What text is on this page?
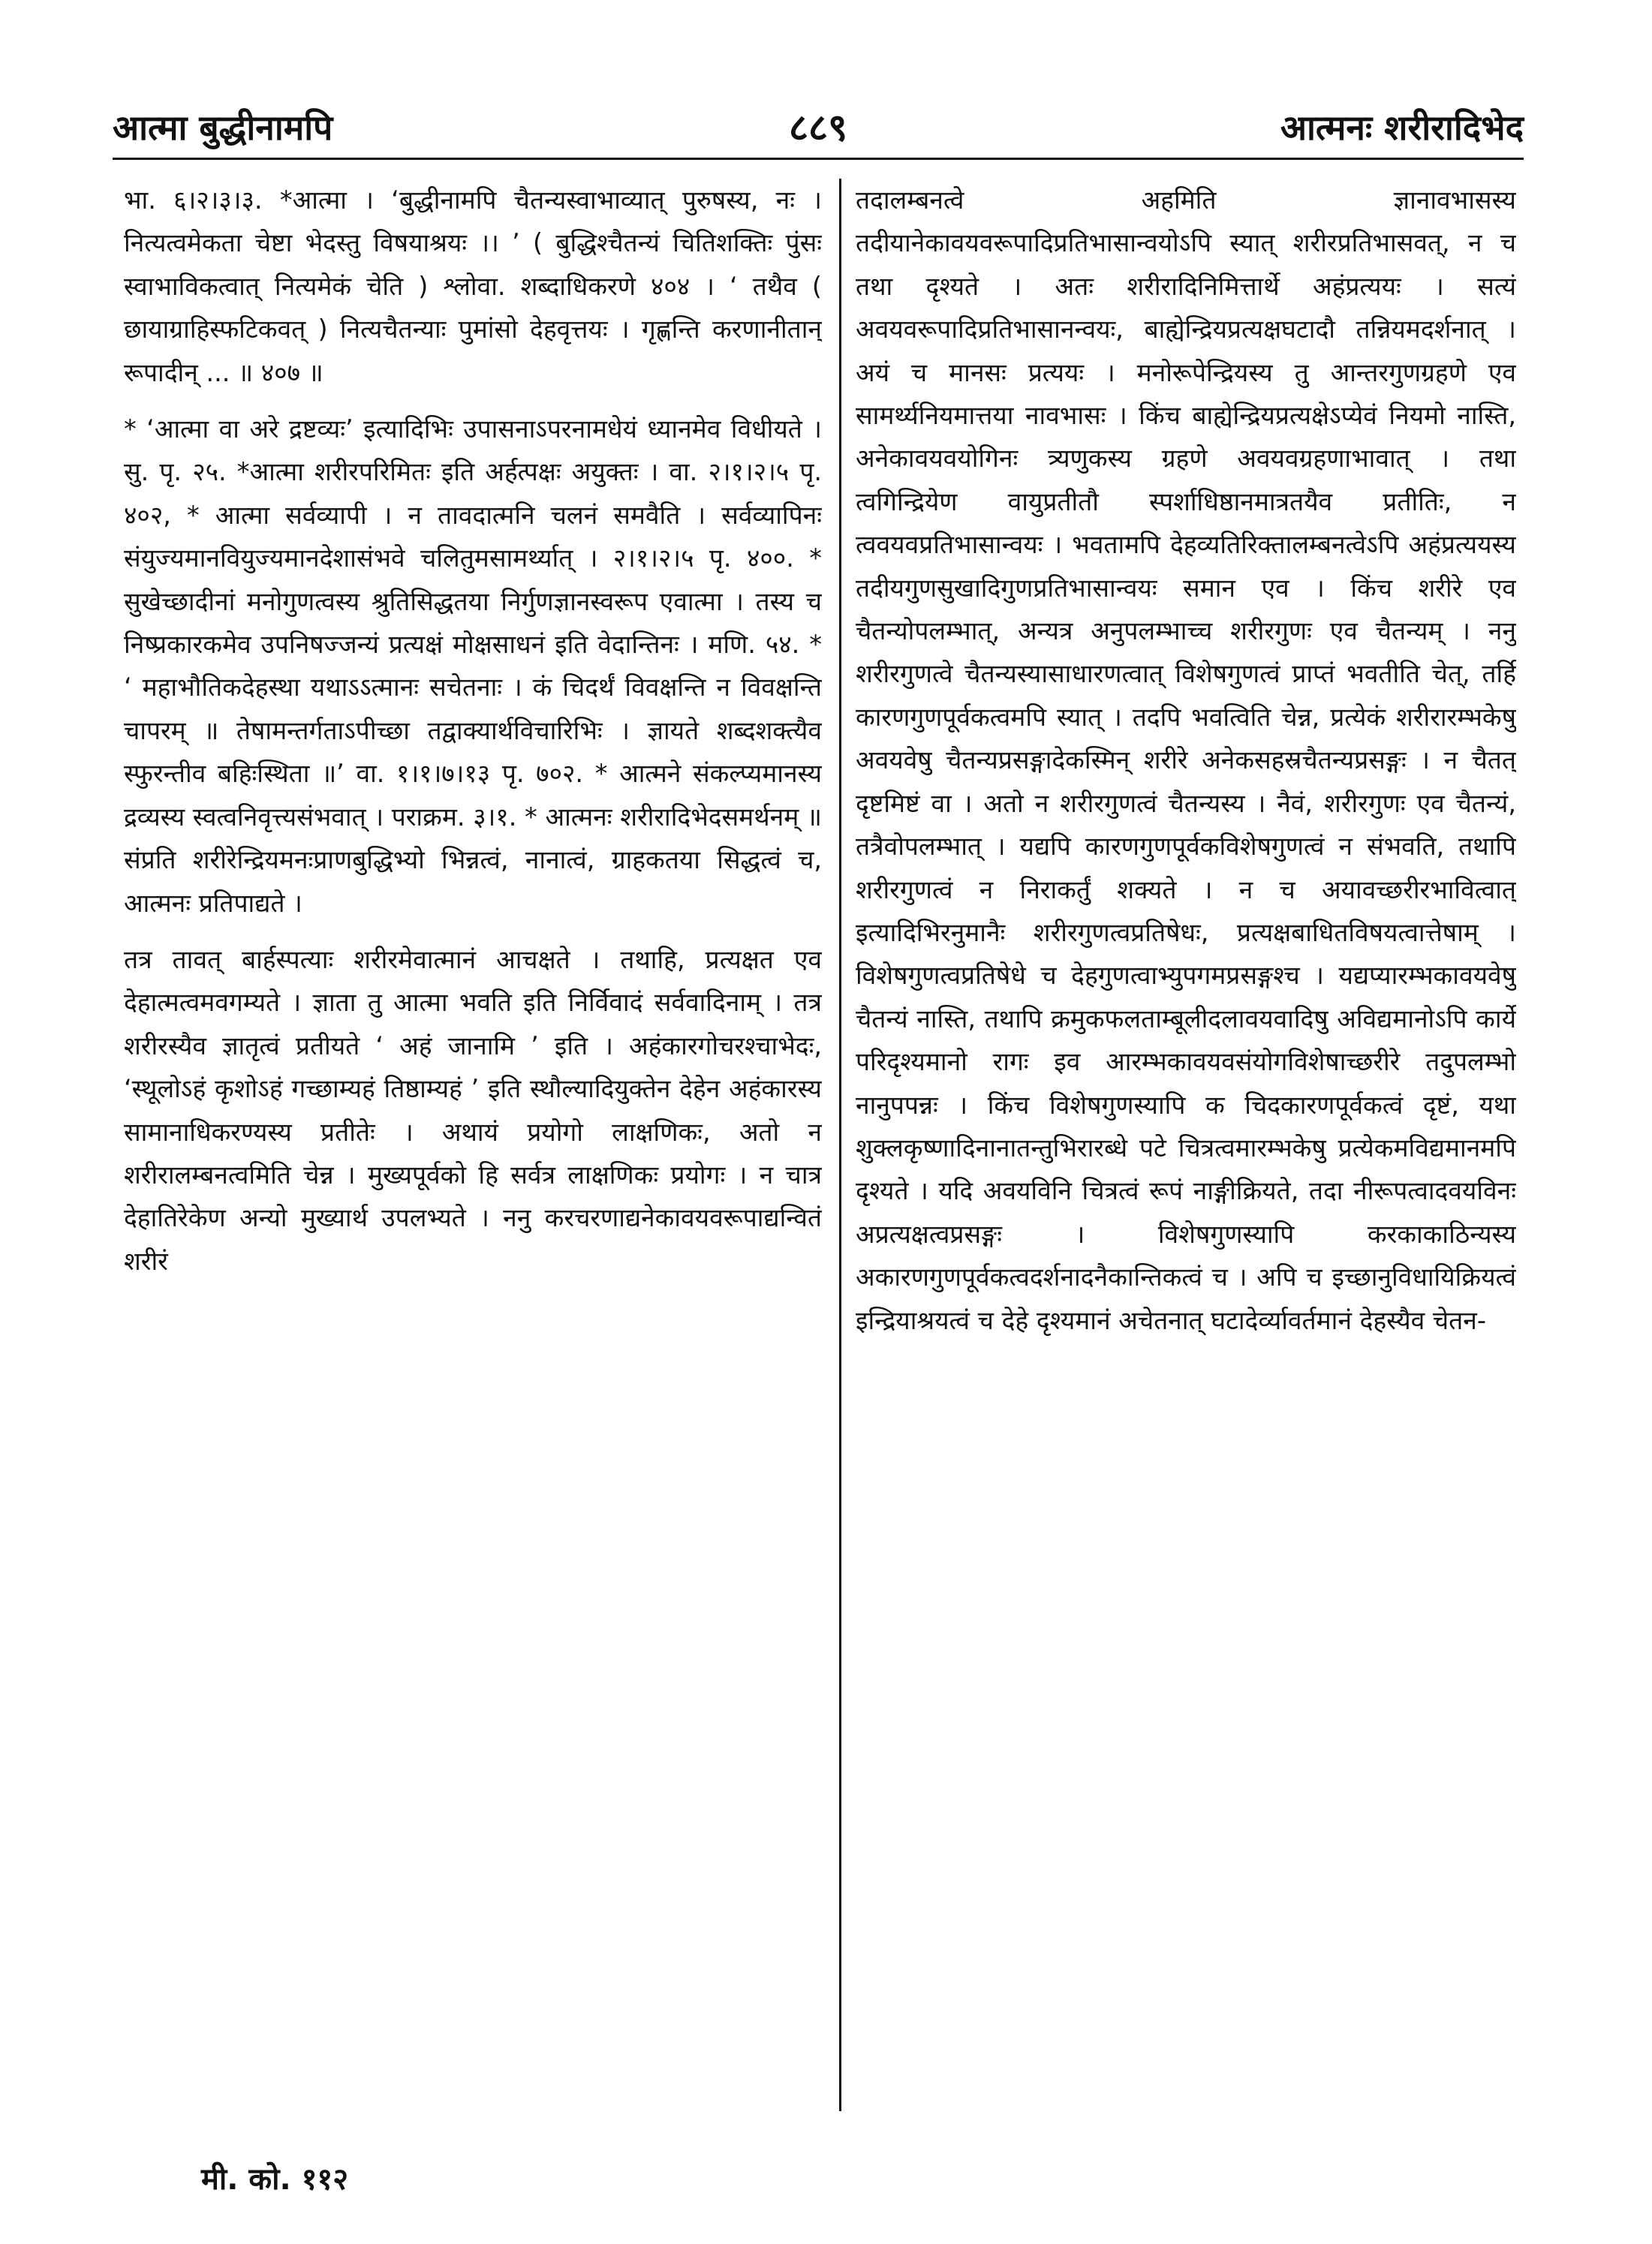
आत्मा बुद्धीनामपि	८८९	आत्मनः शरीरादिभेद

भा. ६।२।३।३. *आत्मा । ‘बुद्धीनामपि चैतन्यस्वाभाव्यात् पुरुषस्य, नः । नित्यत्वमेकता चेष्टा भेदस्तु विषयाश्रयः ।। ’ ( बुद्धिश्चैतन्यं चितिशक्तिः पुंसः स्वाभाविकत्वात् नित्यमेकं चेति ) श्लोवा. शब्दाधिकरणे ४०४ । ‘ तथैव ( छायाग्राहिस्फटिकवत् ) नित्यचैतन्याः पुमांसो देहवृत्तयः । गृह्णन्ति करणानीतान् रूपादीन् ... ॥ ४०७ ॥

* ‘आत्मा वा अरे द्रष्टव्यः’ इत्यादिभिः उपासनाऽपरनामधेयं ध्यानमेव विधीयते । सु. पृ. २५. *आत्मा शरीरपरिमितः इति अर्हत्पक्षः अयुक्तः । वा. २।१।२।५ पृ. ४०२, * आत्मा सर्वव्यापी । न तावदात्मनि चलनं समवैति । सर्वव्यापिनः संयुज्यमानवियुज्यमानदेशासंभवे चलितुमसामर्थ्यात् । २।१।२।५ पृ. ४००. * सुखेच्छादीनां मनोगुणत्वस्य श्रुतिसिद्धतया निर्गुणज्ञानस्वरूप एवात्मा । तस्य च निष्प्रकारकमेव उपनिषज्जन्यं प्रत्यक्षं मोक्षसाधनं इति वेदान्तिनः । मणि. ५४. * ‘ महाभौतिकदेहस्था यथाऽऽत्मानः सचेतनाः । कं चिदर्थं विवक्षन्ति न विवक्षन्ति चापरम् ॥ तेषामन्तर्गताऽपीच्छा तद्वाक्यार्थविचारिभिः । ज्ञायते शब्दशक्त्यैव स्फुरन्तीव बहिःस्थिता ॥’ वा. १।१।७।१३ पृ. ७०२. * आत्मने संकल्प्यमानस्य द्रव्यस्य स्वत्वनिवृत्त्यसंभवात् । पराक्रम. ३।१. * आत्मनः शरीरादिभेदसमर्थनम् ॥ संप्रति शरीरेन्द्रियमनःप्राणबुद्धिभ्यो भिन्नत्वं, नानात्वं, ग्राहकतया सिद्धत्वं च, आत्मनः प्रतिपाद्यते ।

तत्र तावत् बार्हस्पत्याः शरीरमेवात्मानं आचक्षते । तथाहि, प्रत्यक्षत एव देहात्मत्वमवगम्यते । ज्ञाता तु आत्मा भवति इति निर्विवादं सर्ववादिनाम् । तत्र शरीरस्यैव ज्ञातृत्वं प्रतीयते ‘ अहं जानामि ’ इति । अहंकारगोचरश्चाभेदः, ‘स्थूलोऽहं कृशोऽहं गच्छाम्यहं तिष्ठाम्यहं ’ इति स्थौल्यादियुक्तेन देहेन अहंकारस्य सामानाधिकरण्यस्य प्रतीतेः । अथायं प्रयोगो लाक्षणिकः, अतो न शरीरालम्बनत्वमिति चेन्न । मुख्यपूर्वको हि सर्वत्र लाक्षणिकः प्रयोगः । न चात्र देहातिरेकेण अन्यो मुख्यार्थ उपलभ्यते । ननु करचरणाद्यनेकावयवरूपाद्यन्वितं शरीरं

तदालम्बनत्वे अहमिति ज्ञानावभासस्य तदीयानेकावयवरूपादिप्रतिभासान्वयोऽपि स्यात् शरीरप्रतिभासवत्, न च तथा दृश्यते । अतः शरीरादिनिमित्तार्थे अहंप्रत्ययः । सत्यं अवयवरूपादिप्रतिभासानन्वयः, बाह्येन्द्रियप्रत्यक्षघटादौ तन्नियमदर्शनात् । अयं च मानसः प्रत्ययः । मनोरूपेन्द्रियस्य तु आन्तरगुणग्रहणे एव सामर्थ्यनियमात्तया नावभासः । किंच बाह्येन्द्रियप्रत्यक्षेऽप्येवं नियमो नास्ति, अनेकावयवयोगिनः त्र्यणुकस्य ग्रहणे अवयवग्रहणाभावात् । तथा त्वगिन्द्रियेण वायुप्रतीतौ स्पर्शाधिष्ठानमात्रतयैव प्रतीतिः, न त्ववयवप्रतिभासान्वयः । भवतामपि देहव्यतिरिक्तालम्बनत्वेऽपि अहंप्रत्ययस्य तदीयगुणसुखादिगुणप्रतिभासान्वयः समान एव । किंच शरीरे एव चैतन्योपलम्भात्, अन्यत्र अनुपलम्भाच्च शरीरगुणः एव चैतन्यम् । ननु शरीरगुणत्वे चैतन्यस्यासाधारणत्वात् विशेषगुणत्वं प्राप्तं भवतीति चेत्, तर्हि कारणगुणपूर्वकत्वमपि स्यात् । तदपि भवत्विति चेन्न, प्रत्येकं शरीरारम्भकेषु अवयवेषु चैतन्यप्रसङ्गादेकस्मिन् शरीरे अनेकसहस्रचैतन्यप्रसङ्गः । न चैतत् दृष्टमिष्टं वा । अतो न शरीरगुणत्वं चैतन्यस्य । नैवं, शरीरगुणः एव चैतन्यं, तत्रैवोपलम्भात् । यद्यपि कारणगुणपूर्वकविशेषगुणत्वं न संभवति, तथापि शरीरगुणत्वं न निराकर्तुं शक्यते । न च अयावच्छरीरभावित्वात् इत्यादिभिरनुमानैः शरीरगुणत्वप्रतिषेधः, प्रत्यक्षबाधितविषयत्वात्तेषाम् । विशेषगुणत्वप्रतिषेधे च देहगुणत्वाभ्युपगमप्रसङ्गश्च । यद्यप्यारम्भकावयवेषु चैतन्यं नास्ति, तथापि क्रमुकफलताम्बूलीदलावयवादिषु अविद्यमानोऽपि कार्ये परिदृश्यमानो रागः इव आरम्भकावयवसंयोगविशेषाच्छरीरे तदुपलम्भो नानुपपन्नः । किंच विशेषगुणस्यापि क चिदकारणपूर्वकत्वं दृष्टं, यथा शुक्लकृष्णादिनानातन्तुभिरारब्धे पटे चित्रत्वमारम्भकेषु प्रत्येकमविद्यमानमपि दृश्यते । यदि अवयविनि चित्रत्वं रूपं नाङ्गीक्रियते, तदा नीरूपत्वादवयविनः अप्रत्यक्षत्वप्रसङ्गः । विशेषगुणस्यापि करकाकाठिन्यस्य अकारणगुणपूर्वकत्वदर्शनादनैकान्तिकत्वं च । अपि च इच्छानुविधायिक्रियत्वं इन्द्रियाश्रयत्वं च देहे दृश्यमानं अचेतनात् घटादेर्व्यावर्तमानं देहस्यैव चेतन-

मी. को. ११२
